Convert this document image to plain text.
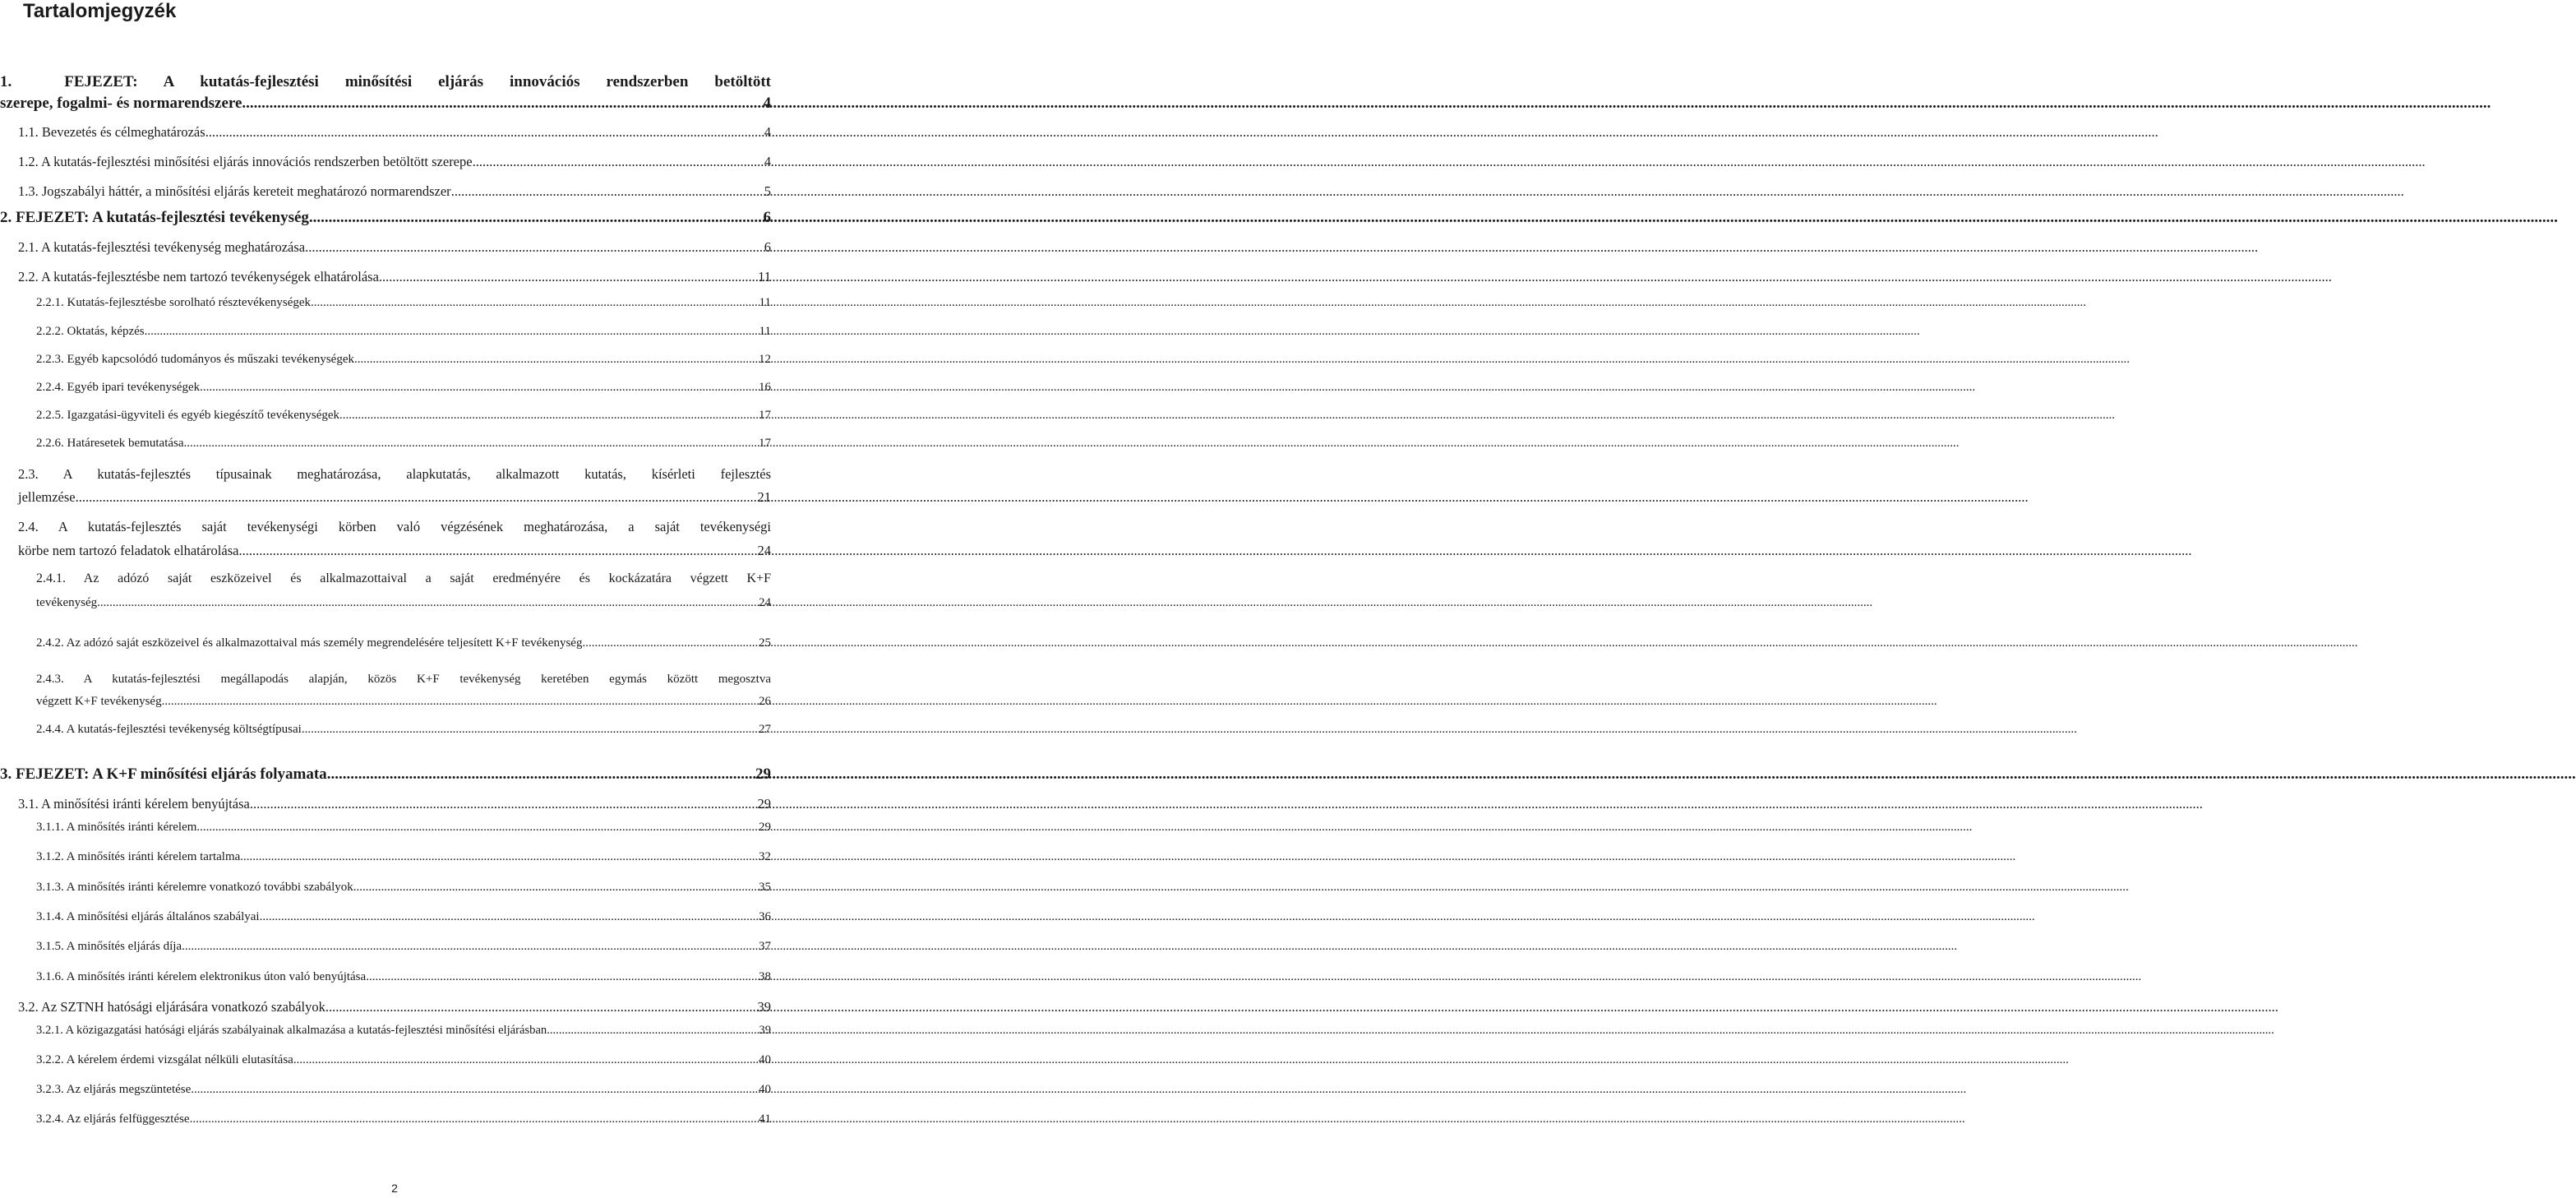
Tartalomjegyzék
1.  FEJEZET: A kutatás-fejlesztési minősítési eljárás innovációs rendszerben betöltött
szerepe, fogalmi- és normarendszere .....	4
1.1. Bevezetés és célmeghatározás .....	4
1.2. A kutatás-fejlesztési minősítési eljárás innovációs rendszerben betöltött szerepe .....	4
1.3. Jogszabályi háttér, a minősítési eljárás kereteit meghatározó normarendszer .....	5
2. FEJEZET: A kutatás-fejlesztési tevékenység .....	6
2.1. A kutatás-fejlesztési tevékenység meghatározása .....	6
2.2. A kutatás-fejlesztésbe nem tartozó tevékenységek elhatárolása .....	11
2.2.1. Kutatás-fejlesztésbe sorolható résztevékenységek .....	11
2.2.2. Oktatás, képzés .....	11
2.2.3. Egyéb kapcsolódó tudományos és műszaki tevékenységek .....	12
2.2.4. Egyéb ipari tevékenységek .....	16
2.2.5. Igazgatási-ügyviteli és egyéb kiegészítő tevékenységek .....	17
2.2.6. Határesetek bemutatása .....	17
2.3. A kutatás-fejlesztés típusainak meghatározása, alapkutatás, alkalmazott kutatás, kísérleti fejlesztés
jellemzése .....	21
2.4. A kutatás-fejlesztés saját tevékenységi körben való végzésének meghatározása, a saját tevékenységi
körbe nem tartozó feladatok elhatárolása .....	24
2.4.1. Az adózó saját eszközeivel és alkalmazottaival a saját eredményére és kockázatára végzett K+F
tevékenység .....	24
2.4.2. Az adózó saját eszközeivel és alkalmazottaival más személy megrendelésére teljesített K+F tevékenység .....	25
2.4.3. A kutatás-fejlesztési megállapodás alapján, közös K+F tevékenység keretében egymás között megosztva
végzett K+F tevékenység .....	26
2.4.4. A kutatás-fejlesztési tevékenység költségtípusai .....	27
3. FEJEZET: A K+F minősítési eljárás folyamata .....	29
3.1. A minősítési iránti kérelem benyújtása .....	29
3.1.1. A minősítés iránti kérelem .....	29
3.1.2. A minősítés iránti kérelem tartalma .....	32
3.1.3. A minősítés iránti kérelemre vonatkozó további szabályok .....	35
3.1.4. A minősítési eljárás általános szabályai .....	36
3.1.5. A minősítés eljárás díja .....	37
3.1.6. A minősítés iránti kérelem elektronikus úton való benyújtása .....	38
3.2. Az SZTNH hatósági eljárására vonatkozó szabályok .....	39
3.2.1. A közigazgatási hatósági eljárás szabályainak alkalmazása a kutatás-fejlesztési minősítési eljárásban .....	39
3.2.2. A kérelem érdemi vizsgálat nélküli elutasítása .....	40
3.2.3. Az eljárás megszüntetése .....	40
3.2.4. Az eljárás felfüggesztése .....	41
2
